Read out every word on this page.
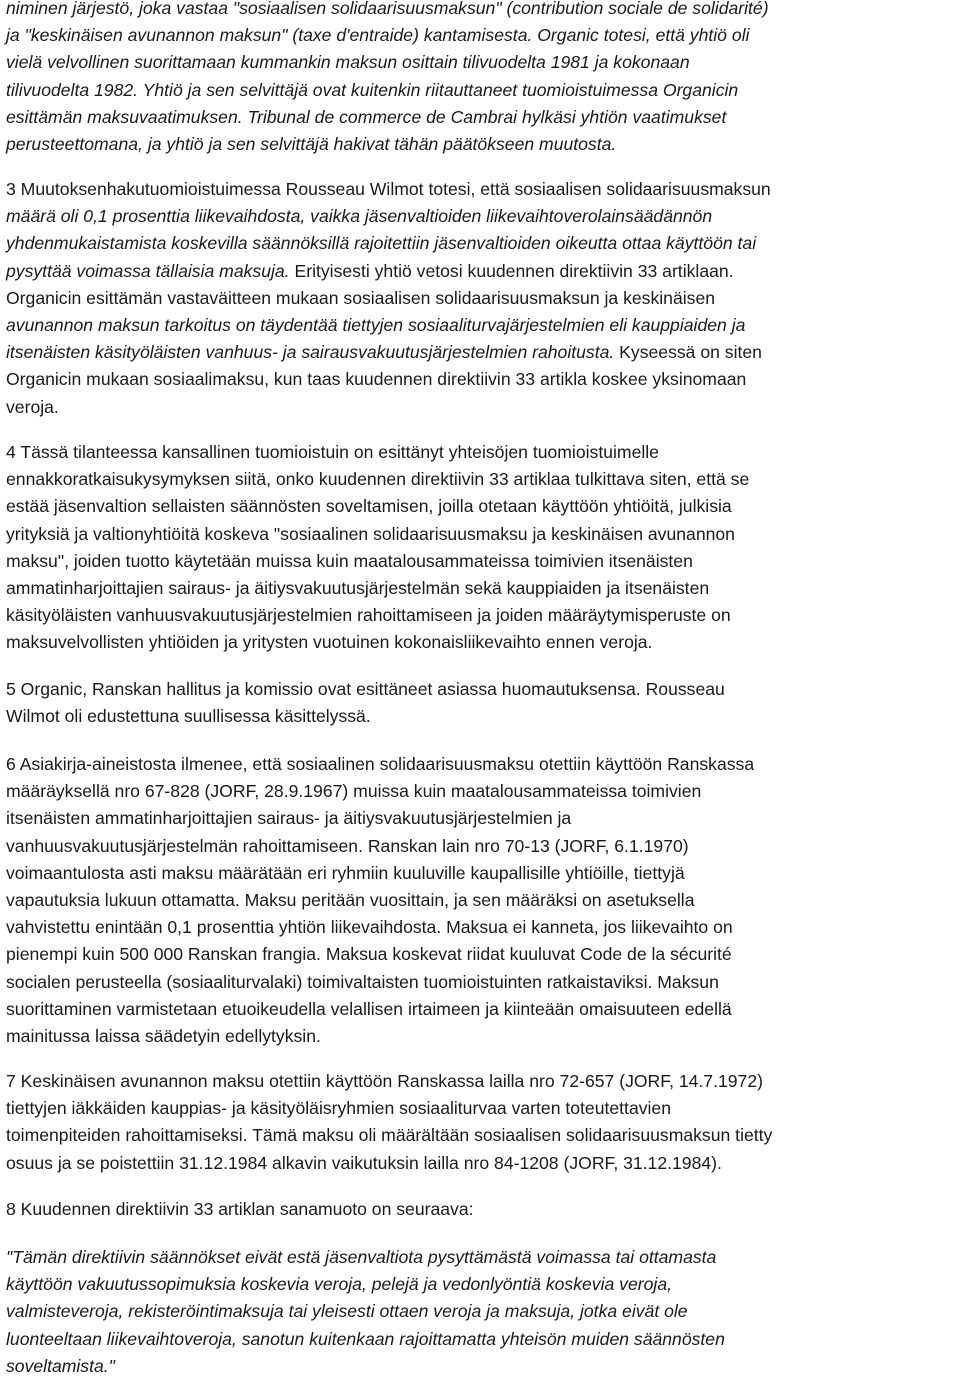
niminen järjestö, joka vastaa "sosiaalisen solidaarisuusmaksun" (contribution sociale de solidarité)
ja "keskinäisen avunannon maksun" (taxe d'entraide) kantamisesta. Organic totesi, että yhtiö oli
vielä velvollinen suorittamaan kummankin maksun osittain tilivuodelta 1981 ja kokonaan
tilivuodelta 1982. Yhtiö ja sen selvittäjä ovat kuitenkin riitauttaneet tuomioistuimessa Organicin
esittämän maksuvaatimuksen. Tribunal de commerce de Cambrai hylkäsi yhtiön vaatimukset
perusteettomana, ja yhtiö ja sen selvittäjä hakivat tähän päätökseen muutosta.
3 Muutoksenhakutuomioistuimessa Rousseau Wilmot totesi, että sosiaalisen solidaarisuusmaksun
määrä oli 0,1 prosenttia liikevaihdosta, vaikka jäsenvaltioiden liikevaihtoverolainsäädännön
yhdenmukaistamista koskevilla säännöksillä rajoitettiin jäsenvaltioiden oikeutta ottaa käyttöön tai
pysyttää voimassa tällaisia maksuja. Erityisesti yhtiö vetosi kuudennen direktiivin 33 artiklaan.
Organicin esittämän vastaväitteen mukaan sosiaalisen solidaarisuusmaksun ja keskinäisen
avunannon maksun tarkoitus on täydentää tiettyjen sosiaaliturvajärjestelmien eli kauppiaiden ja
itsenäisten käsityöläisten vanhuus- ja sairausvakuutusjärjestelmien rahoitusta. Kyseessä on siten
Organicin mukaan sosiaalimaksu, kun taas kuudennen direktiivin 33 artikla koskee yksinomaan
veroja.
4 Tässä tilanteessa kansallinen tuomioistuin on esittänyt yhteisöjen tuomioistuimelle
ennakkoratkaisukysymyksen siitä, onko kuudennen direktiivin 33 artiklaa tulkittava siten, että se
estää jäsenvaltion sellaisten säännösten soveltamisen, joilla otetaan käyttöön yhtiöitä, julkisia
yrityksiä ja valtionyhtiöitä koskeva "sosiaalinen solidaarisuusmaksu ja keskinäisen avunannon
maksu", joiden tuotto käytetään muissa kuin maatalousammateissa toimivien itsenäisten
ammatinharjoittajien sairaus- ja äitiysvakuutusjärjestelmän sekä kauppiaiden ja itsenäisten
käsityöläisten vanhuusvakuutusjärjestelmien rahoittamiseen ja joiden määräytymisperuste on
maksuvelvollisten yhtiöiden ja yritysten vuotuinen kokonaisliikevaihto ennen veroja.
5 Organic, Ranskan hallitus ja komissio ovat esittäneet asiassa huomautuksensa. Rousseau
Wilmot oli edustettuna suullisessa käsittelyssä.
6 Asiakirja-aineistosta ilmenee, että sosiaalinen solidaarisuusmaksu otettiin käyttöön Ranskassa
määräyksellä nro 67-828 (JORF, 28.9.1967) muissa kuin maatalousammateissa toimivien
itsenäisten ammatinharjoittajien sairaus- ja äitiysvakuutusjärjestelmien ja
vanhuusvakuutusjärjestelmän rahoittamiseen. Ranskan lain nro 70-13 (JORF, 6.1.1970)
voimaantulosta asti maksu määrätään eri ryhmiin kuuluville kaupallisille yhtiöille, tiettyjä
vapautuksia lukuun ottamatta. Maksu peritään vuosittain, ja sen määräksi on asetuksella
vahvistettu enintään 0,1 prosenttia yhtiön liikevaihdosta. Maksua ei kanneta, jos liikevaihto on
pienempi kuin 500 000 Ranskan frangia. Maksua koskevat riidat kuuluvat Code de la sécurité
socialen perusteella (sosiaaliturvalaki) toimivaltaisten tuomioistuinten ratkaistaviksi. Maksun
suorittaminen varmistetaan etuoikeudella velallisen irtaimeen ja kiinteään omaisuuteen edellä
mainitussa laissa säädetyin edellytyksin.
7 Keskinäisen avunannon maksu otettiin käyttöön Ranskassa lailla nro 72-657 (JORF, 14.7.1972)
tiettyjen iäkkäiden kauppias- ja käsityöläisryhmien sosiaaliturvaa varten toteutettavien
toimenpiteiden rahoittamiseksi. Tämä maksu oli määrältään sosiaalisen solidaarisuusmaksun tietty
osuus ja se poistettiin 31.12.1984 alkavin vaikutuksin lailla nro 84-1208 (JORF, 31.12.1984).
8 Kuudennen direktiivin 33 artiklan sanamuoto on seuraava:
"Tämän direktiivin säännökset eivät estä jäsenvaltiota pysyttämästä voimassa tai ottamasta
käyttöön vakuutussopimuksia koskevia veroja, pelejä ja vedonlyöntiä koskevia veroja,
valmisteveroja, rekisteröintimaksuja tai yleisesti ottaen veroja ja maksuja, jotka eivät ole
luonteeltaan liikevaihtoveroja, sanotun kuitenkaan rajoittamatta yhteisön muiden säännösten
soveltamista."
